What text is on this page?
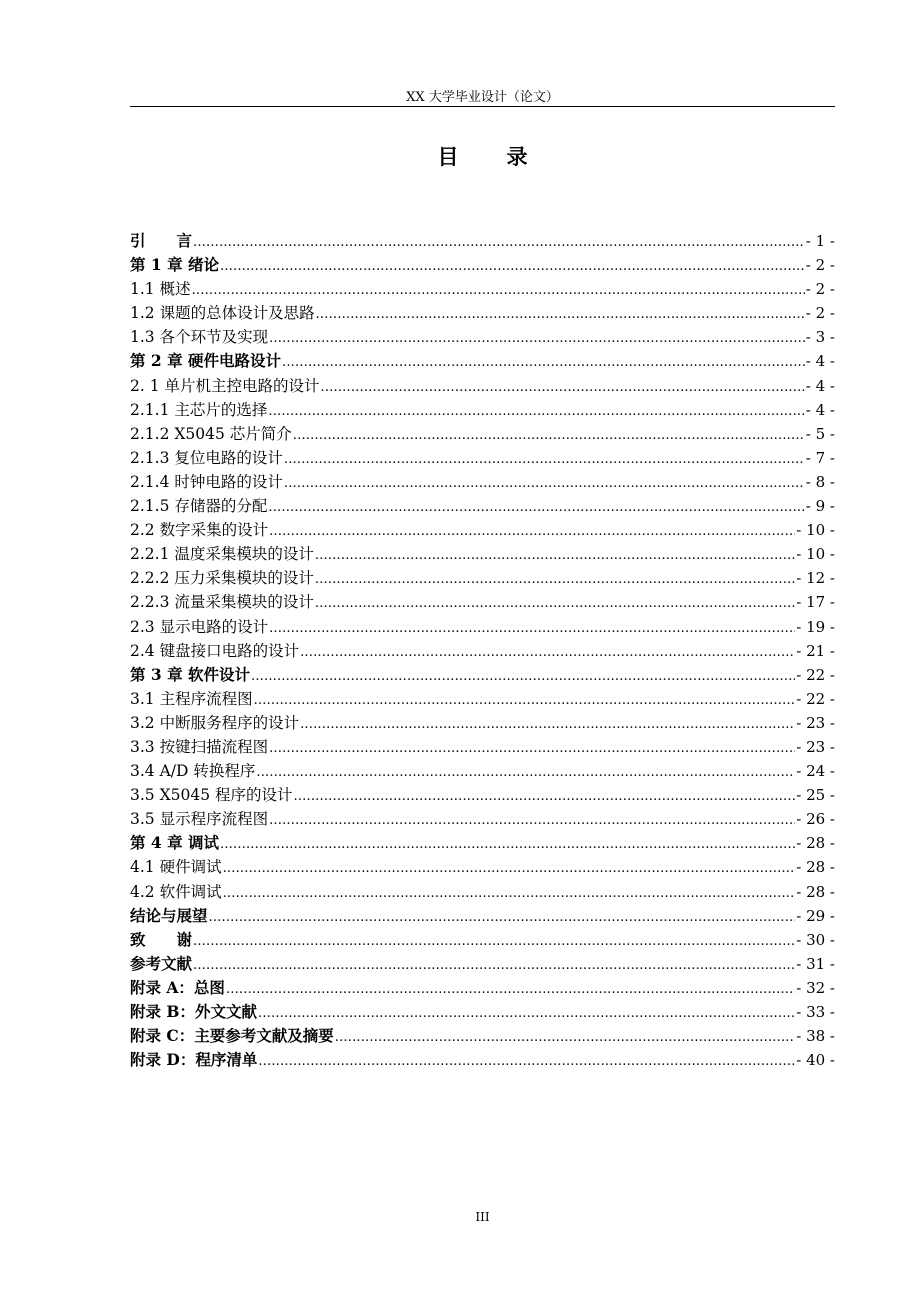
XX 大学毕业设计（论文）
目 录
引　　言 .....	- 1 -
第 1 章 绪论 .....	- 2 -
1.1 概述 .....	- 2 -
1.2 课题的总体设计及思路 .....	- 2 -
1.3 各个环节及实现 .....	- 3 -
第 2 章 硬件电路设计 .....	- 4 -
2. 1 单片机主控电路的设计 .....	- 4 -
2.1.1 主芯片的选择 .....	- 4 -
2.1.2 X5045 芯片简介 .....	- 5 -
2.1.3 复位电路的设计 .....	- 7 -
2.1.4 时钟电路的设计 .....	- 8 -
2.1.5 存储器的分配 .....	- 9 -
2.2 数字采集的设计 .....	- 10 -
2.2.1 温度采集模块的设计 .....	- 10 -
2.2.2 压力采集模块的设计 .....	- 12 -
2.2.3 流量采集模块的设计 .....	- 17 -
2.3 显示电路的设计 .....	- 19 -
2.4 键盘接口电路的设计 .....	- 21 -
第 3 章 软件设计 .....	- 22 -
3.1 主程序流程图 .....	- 22 -
3.2 中断服务程序的设计 .....	- 23 -
3.3 按键扫描流程图 .....	- 23 -
3.4 A/D 转换程序 .....	- 24 -
3.5 X5045 程序的设计 .....	- 25 -
3.5 显示程序流程图 .....	- 26 -
第 4 章 调试 .....	- 28 -
4.1 硬件调试 .....	- 28 -
4.2 软件调试 .....	- 28 -
结论与展望 .....	- 29 -
致　　谢 .....	- 30 -
参考文献 .....	- 31 -
附录 A：总图 .....	- 32 -
附录 B：外文文献 .....	- 33 -
附录 C：主要参考文献及摘要 .....	- 38 -
附录 D：程序清单 .....	- 40 -
III
